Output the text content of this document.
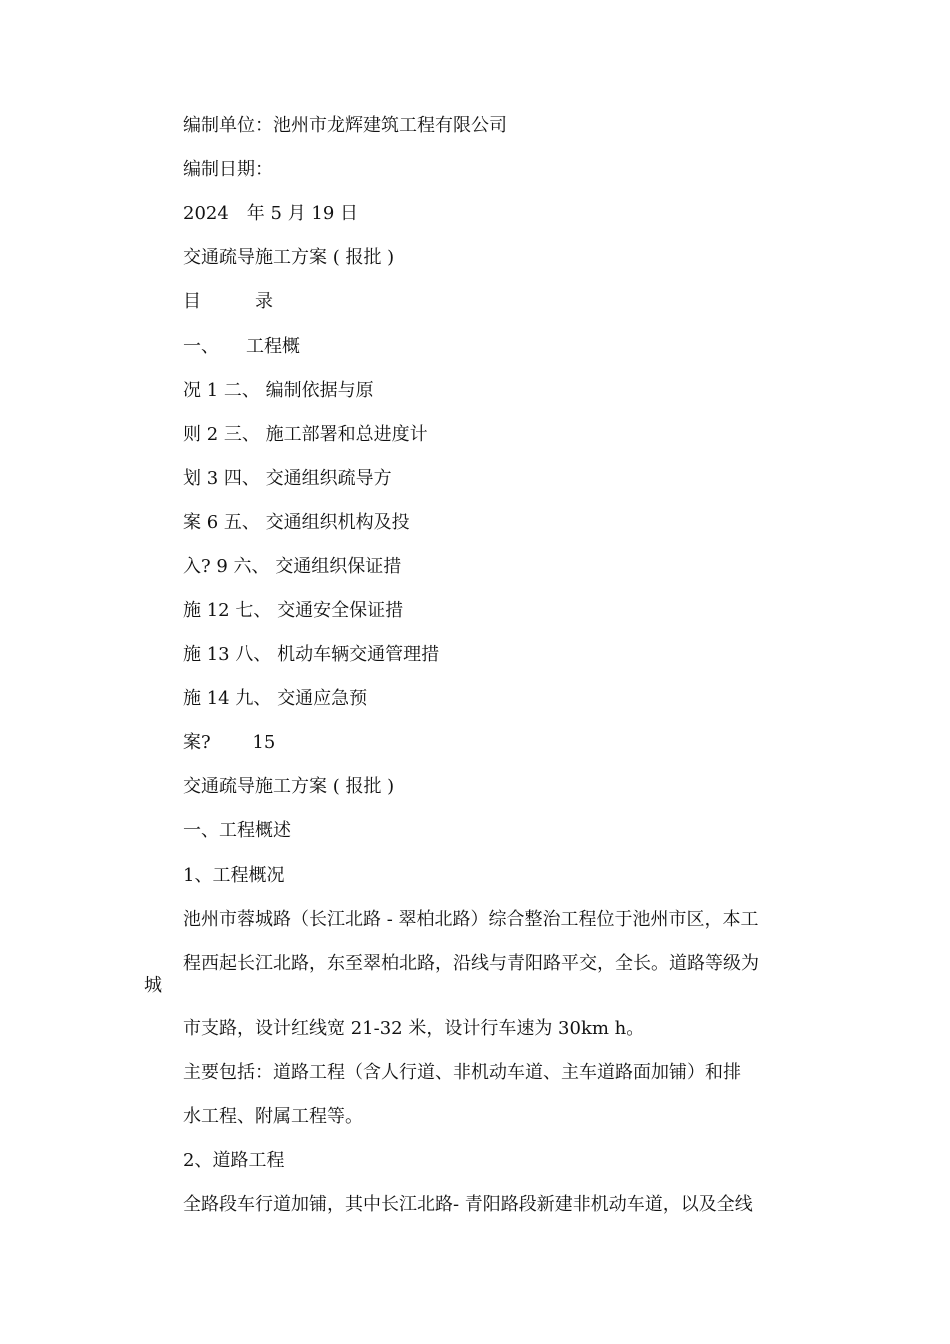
编制单位：池州市龙辉建筑工程有限公司
编制日期：
2024　年 5 月 19 日
交通疏导施工方案 ( 报批 )
目　　　录
一、　　工程概
况 1 二、 编制依据与原
则 2 三、 施工部署和总进度计
划 3 四、 交通组织疏导方
案 6 五、 交通组织机构及投
入? 9 六、 交通组织保证措
施 12 七、 交通安全保证措
施 13 八、 机动车辆交通管理措
施 14 九、 交通应急预
案?　　 15
交通疏导施工方案 ( 报批 )
一、工程概述
1、工程概况
池州市蓉城路（长江北路 - 翠柏北路）综合整治工程位于池州市区，本工
程西起长江北路，东至翠柏北路，沿线与青阳路平交，全长。道路等级为
城
市支路，设计红线宽 21-32 米，设计行车速为 30km h。
主要包括：道路工程（含人行道、非机动车道、主车道路面加铺）和排
水工程、附属工程等。
2、道路工程
全路段车行道加铺，其中长江北路- 青阳路段新建非机动车道，以及全线
